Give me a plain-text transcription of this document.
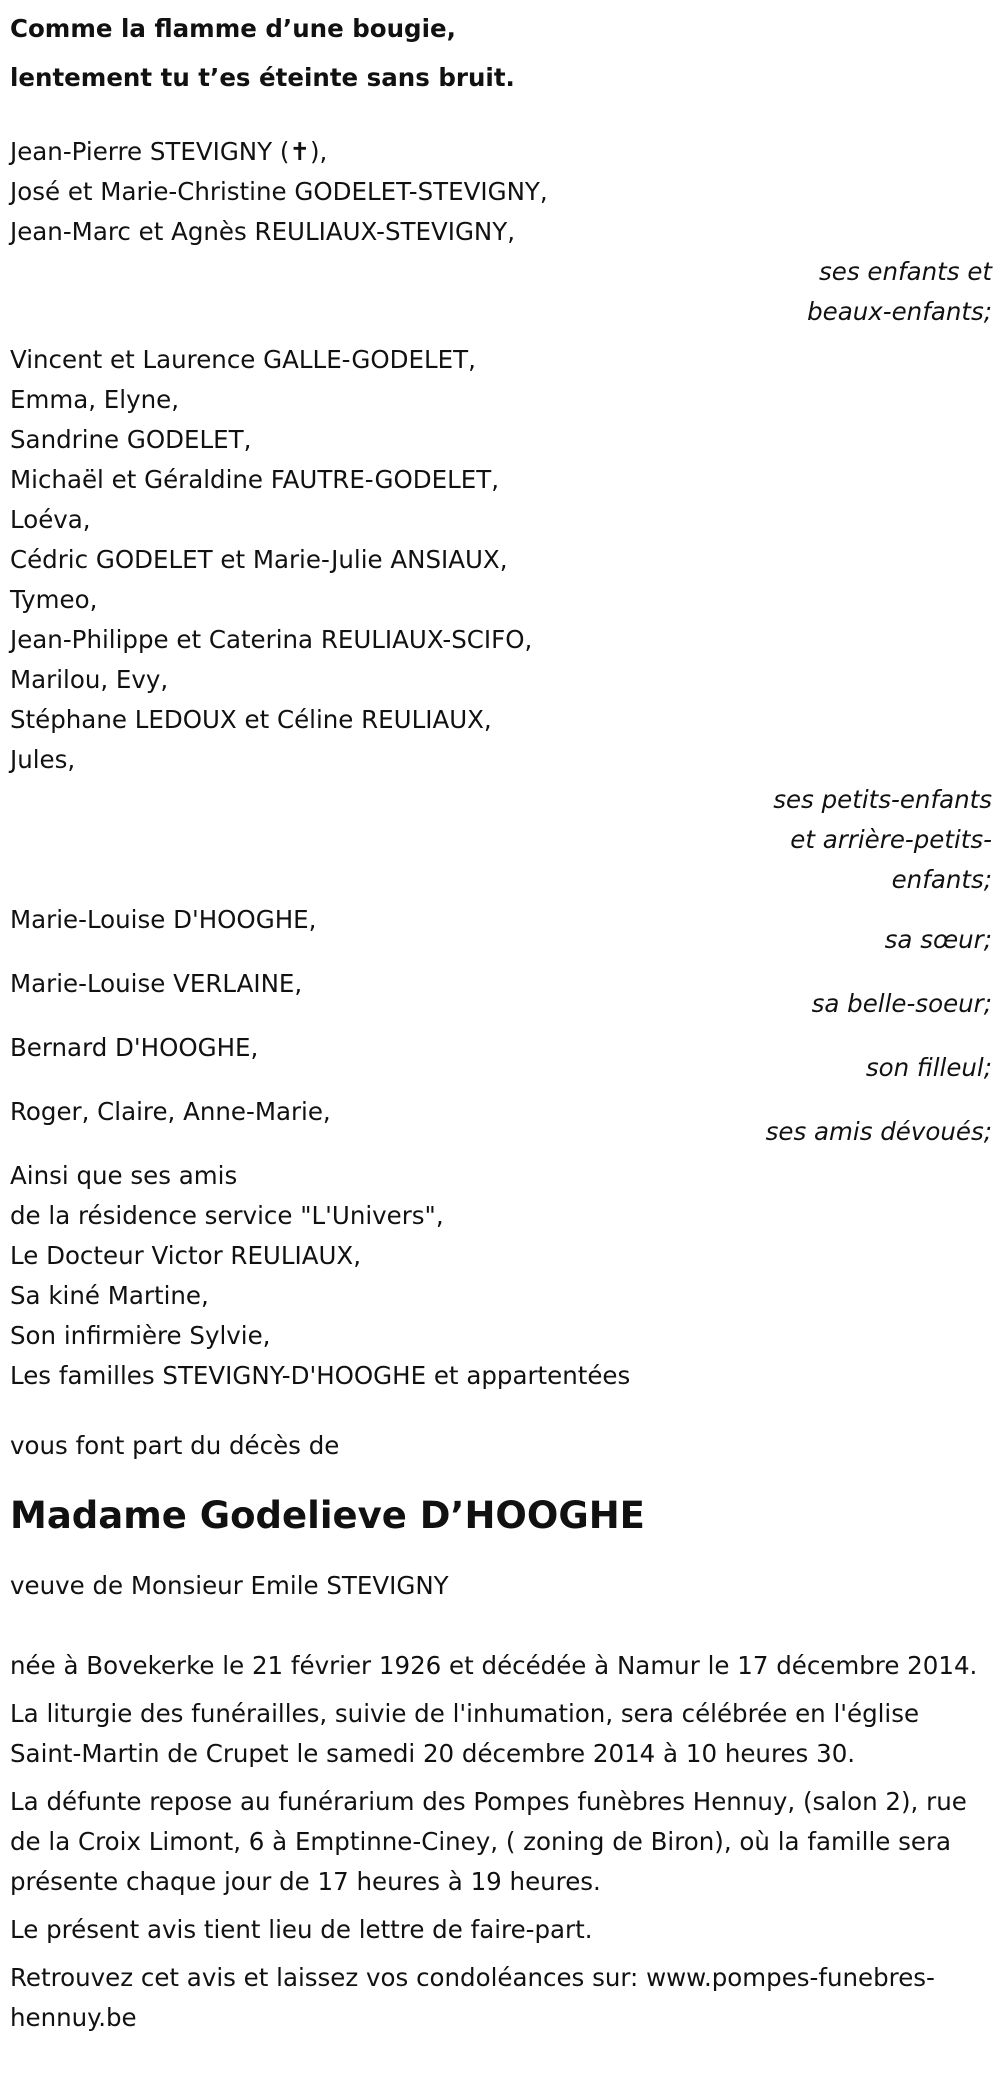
Comme la flamme d’une bougie,

lentement tu t’es éteinte sans bruit.

Jean-Pierre STEVIGNY (✝),
José et Marie-Christine GODELET-STEVIGNY,
Jean-Marc et Agnès REULIAUX-STEVIGNY,
ses enfants et
beaux-enfants;
Vincent et Laurence GALLE-GODELET,
Emma, Elyne,
Sandrine GODELET,
Michaël et Géraldine FAUTRE-GODELET,
Loéva,
Cédric GODELET et Marie-Julie ANSIAUX,
Tymeo,
Jean-Philippe et Caterina REULIAUX-SCIFO,
Marilou, Evy,
Stéphane LEDOUX et Céline REULIAUX,
Jules,
ses petits-enfants
et arrière-petits-
enfants;
Marie-Louise D'HOOGHE,
sa sœur;
Marie-Louise VERLAINE,
sa belle-soeur;
Bernard D'HOOGHE,
son filleul;
Roger, Claire, Anne-Marie,
ses amis dévoués;
Ainsi que ses amis
de la résidence service "L'Univers",
Le Docteur Victor REULIAUX,
Sa kiné Martine,
Son infirmière Sylvie,
Les familles STEVIGNY-D'HOOGHE et appartentées
vous font part du décès de
Madame Godelieve D’HOOGHE
veuve de Monsieur Emile STEVIGNY

née à Bovekerke le 21 février 1926 et décédée à Namur le 17 décembre 2014.

La liturgie des funérailles, suivie de l'inhumation, sera célébrée en l'église Saint-Martin de Crupet le samedi 20 décembre 2014 à 10 heures 30.

La défunte repose au funérarium des Pompes funèbres Hennuy, (salon 2), rue de la Croix Limont, 6 à Emptinne-Ciney, ( zoning de Biron), où la famille sera présente chaque jour de 17 heures à 19 heures.

Le présent avis tient lieu de lettre de faire-part.

Retrouvez cet avis et laissez vos condoléances sur: www.pompes-funebres-hennuy.be
